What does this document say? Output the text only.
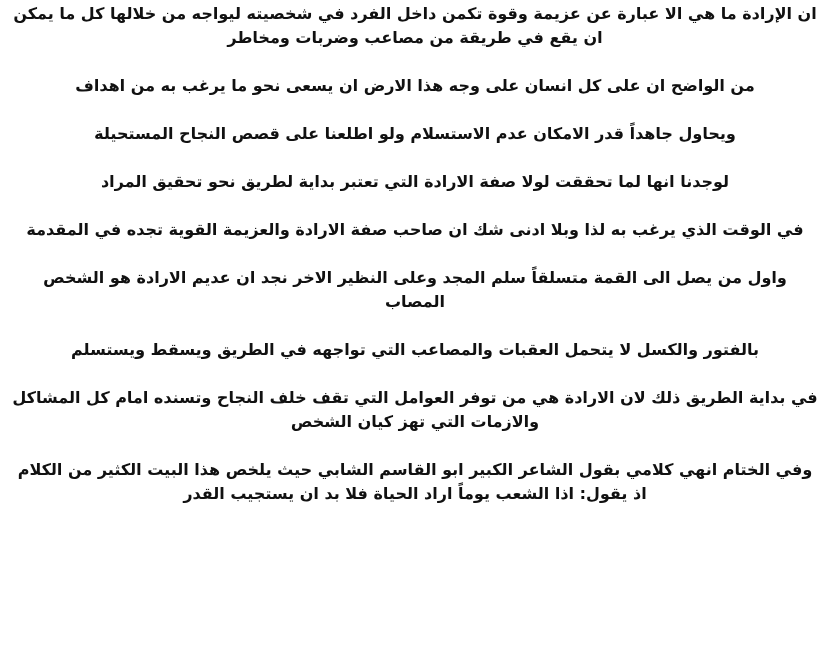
ان الإرادة ما هي الا عبارة عن عزيمة وقوة تكمن داخل الفرد في شخصيته ليواجه من خلالها كل ما يمكن ان يقع في طريقة من مصاعب وضربات ومخاطر

من الواضح ان على كل انسان على وجه هذا الارض ان يسعى نحو ما يرغب به من اهداف

ويحاول جاهداً قدر الامكان عدم الاستسلام ولو اطلعنا على قصص النجاح المستحيلة

لوجدنا انها لما تحققت لولا صفة الارادة التي تعتبر بداية لطريق نحو تحقيق المراد

في الوقت الذي يرغب به لذا وبلا ادنى شك ان صاحب صفة الارادة والعزيمة القوية تجده في المقدمة

واول من يصل الى القمة متسلقاً سلم المجد وعلى النظير الاخر نجد ان عديم الارادة هو الشخص المصاب

بالفتور والكسل لا يتحمل العقبات والمصاعب التي تواجهه في الطريق ويسقط ويستسلم

في بداية الطريق ذلك لان الارادة هي من توفر العوامل التي تقف خلف النجاح وتسنده امام كل المشاكل والازمات التي تهز كيان الشخص

وفي الختام انهي كلامي بقول الشاعر الكبير ابو القاسم الشابي حيث يلخص هذا البيت الكثير من الكلام اذ يقول: اذا الشعب يوماً اراد الحياة فلا بد ان يستجيب القدر
